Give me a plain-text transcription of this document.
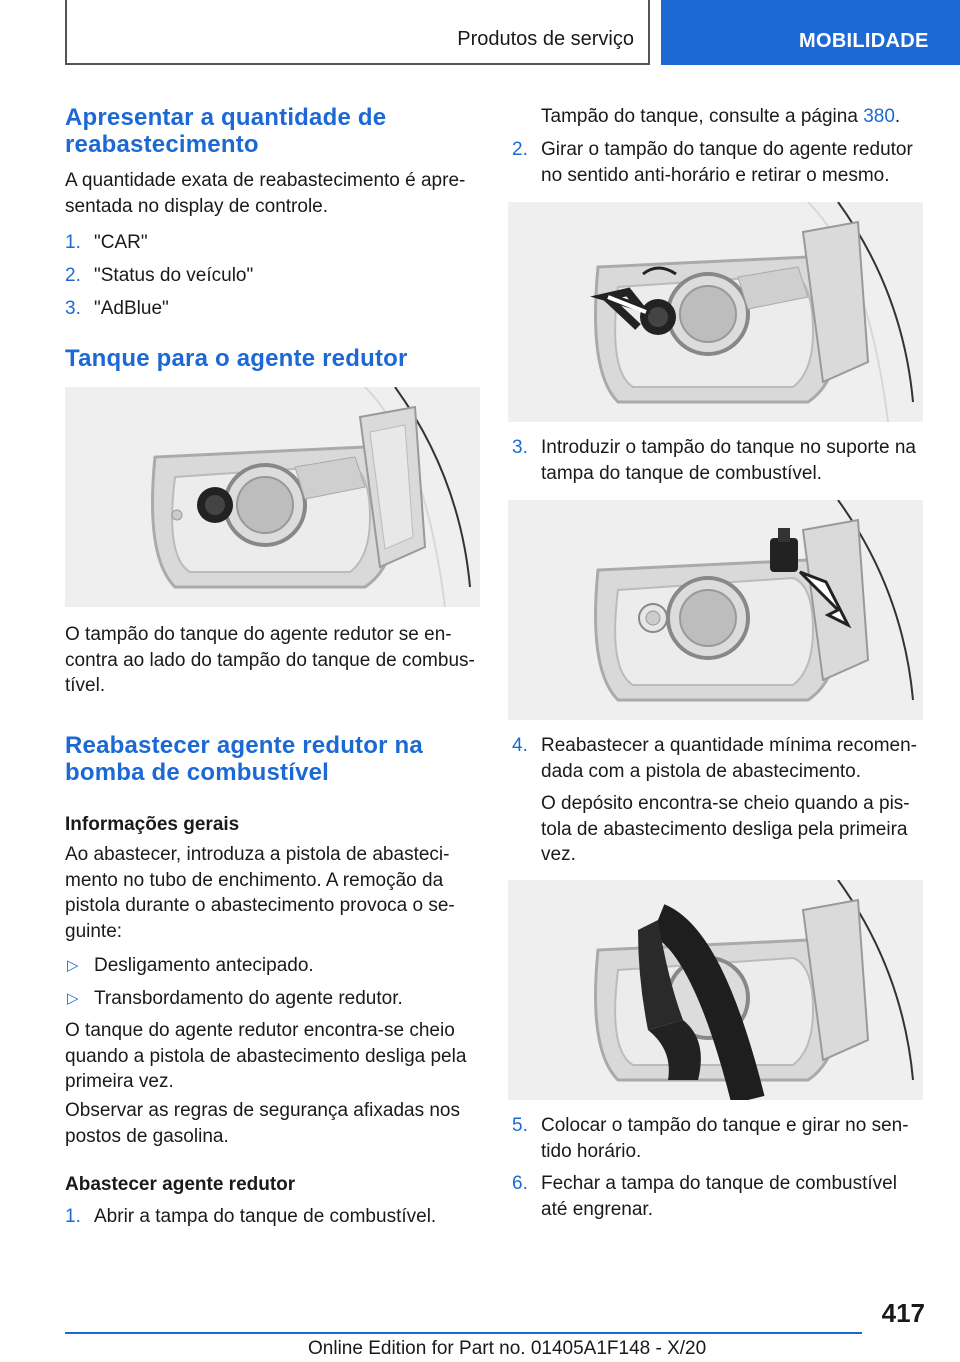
Produtos de serviço	MOBILIDADE
Apresentar a quantidade de reabastecimento

A quantidade exata de reabastecimento é apre-sentada no display de controle.

1. "CAR"
2. "Status do veículo"
3. "AdBlue"
Tanque para o agente redutor

O tampão do tanque do agente redutor se en-contra ao lado do tampão do tanque de combus-tível.

Reabastecer agente redutor na bomba de combustível
Informações gerais

Ao abastecer, introduza a pistola de abasteci-mento no tubo de enchimento. A remoção da pistola durante o abastecimento provoca o se-guinte:

▷ Desligamento antecipado.
▷ Transbordamento do agente redutor.

O tanque do agente redutor encontra-se cheio quando a pistola de abastecimento desliga pela primeira vez.

Observar as regras de segurança afixadas nos postos de gasolina.

Abastecer agente redutor
1. Abrir a tampa do tanque de combustível.

Tampão do tanque, consulte a página 380.

2. Girar o tampão do tanque do agente redutor no sentido anti-horário e retirar o mesmo.
3. Introduzir o tampão do tanque no suporte na tampa do tanque de combustível.
4. Reabastecer a quantidade mínima recomen-dada com a pistola de abastecimento.

O depósito encontra-se cheio quando a pis-tola de abastecimento desliga pela primeira vez.

5. Colocar o tampão do tanque e girar no sen-tido horário.
6. Fechar a tampa do tanque de combustível até engrenar.
417
Online Edition for Part no. 01405A1F148 - X/20
